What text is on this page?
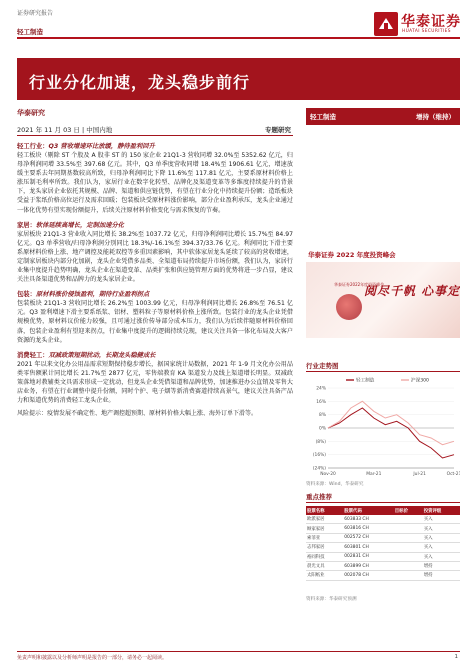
证券研究报告
轻工制造
华泰证券
HUATAI SECURITIES
行业分化加速，龙头稳步前行
华泰研究
2021 年 11 月 03 日 | 中国内地	专题研究
轻工行业：Q3 营收增速环比放缓，静待盈利回升
轻工板块（剔除 ST 个股及 A 股非 ST 的 150 家企业 21Q1-3 营收同增 32.0%至 5352.62 亿元，归母净利润同增 33.5%至 397.68 亿元。其中，Q3 单季度营收同增 18.4%至 1906.61 亿元，增速放缓主要系去年同期基数较高所致，归母净利润同比下降 11.6%至 117.81 亿元，主要系原材料价格上涨压制毛利率所致。我们认为，家居行业在数字化转型、品牌化及渠道变革等多维度持续提升的背景下，龙头家居企业依托其规模、品牌、渠道和供应链优势，有望在行业分化中持续提升份额；造纸板块受益于浆纸价格高位运行及需求回暖；包装板块受原材料涨价影响，部分企业盈利承压，龙头企业通过一体化优势有望实现份额提升，后续关注原材料价格变化与需求恢复的节奏。
家居：软体延续高增长，定制加速分化
家居板块 21Q1-3 营业收入同比增长 38.2%至 1037.72 亿元，归母净利润同比增长 15.7%至 84.97 亿元。Q3 单季营收/归母净利润分别同比 18.3%/-16.1%至 394.37/33.76 亿元。利润同比下滑主要系原材料价格上涨、地产调控及能耗双控等多重因素影响，其中软体家居龙头延续了较高的营收增速，定制家居板块内部分化加剧，龙头企业凭借多品类、全渠道布局持续提升市场份额，我们认为，家居行业集中度提升趋势明确，龙头企业在渠道变革、品类扩张和供应链管理方面的优势将进一步凸显，建议关注具备渠道优势和品牌力的龙头家居企业。
包装：原材料涨价侵蚀盈利，期待行业盈利拐点
包装板块 21Q1-3 营收同比增长 26.2%至 1003.99 亿元，归母净利润同比增长 26.8%至 76.51 亿元。Q3 盈利增速下滑主要系纸浆、铝材、塑料粒子等原材料价格上涨所致。包装行业的龙头企业凭借规模优势，原材料议价能力较强，且可通过涨价传导部分成本压力，我们认为后续伴随原材料价格回落，包装企业盈利有望迎来拐点，行业集中度提升的逻辑持续兑现，建议关注具备一体化布局及大客户资源的龙头企业。
消费轻工：双减政策短期扰动，长期龙头稳健成长
2021 年以来文化办公用品需求短期保持稳步增长，据国家统计局数据，2021 年 1-9 月文化办公用品类零售额累计同比增长 21.7%至 2877 亿元，零售端教育 KA 渠道发力及线上渠道增长明显。双减政策落地对教辅类文具需求形成一定扰动，但龙头企业凭借渠道和品牌优势，加速推进办公直销及零售大店业务，有望在行业调整中提升份额，同时个护、电子烟等新消费赛道持续高景气，建议关注具备产品力和渠道优势的消费轻工龙头企业。
风险提示：疫情发展不确定性、地产调控超预期、原材料价格大幅上涨、海外订单下滑等。
轻工制造	增持（维持）
华泰证券 2022 年度投资峰会
华泰证券2022年度投资峰会
阅尽千帆 心事定
行业走势图
24%
16%
8%
0%
(8%)
(16%)
(24%)
Nov-20	Mar-21	Jul-21	Oct-21
轻工制造	沪深300
资料来源：Wind，华泰研究
重点推荐
股票名称	股票代码	目标价	投资评级
欧派家居	603833 CH		买入
顾家家居	603816 CH		买入
索菲亚	002572 CH		买入
志邦家居	603801 CH		买入
裕同科技	002831 CH		买入
晨光文具	603899 CH		增持
太阳纸业	002078 CH		增持
资料来源：华泰研究预测
免责声明和披露以及分析师声明是报告的一部分，请务必一起阅读。	1
